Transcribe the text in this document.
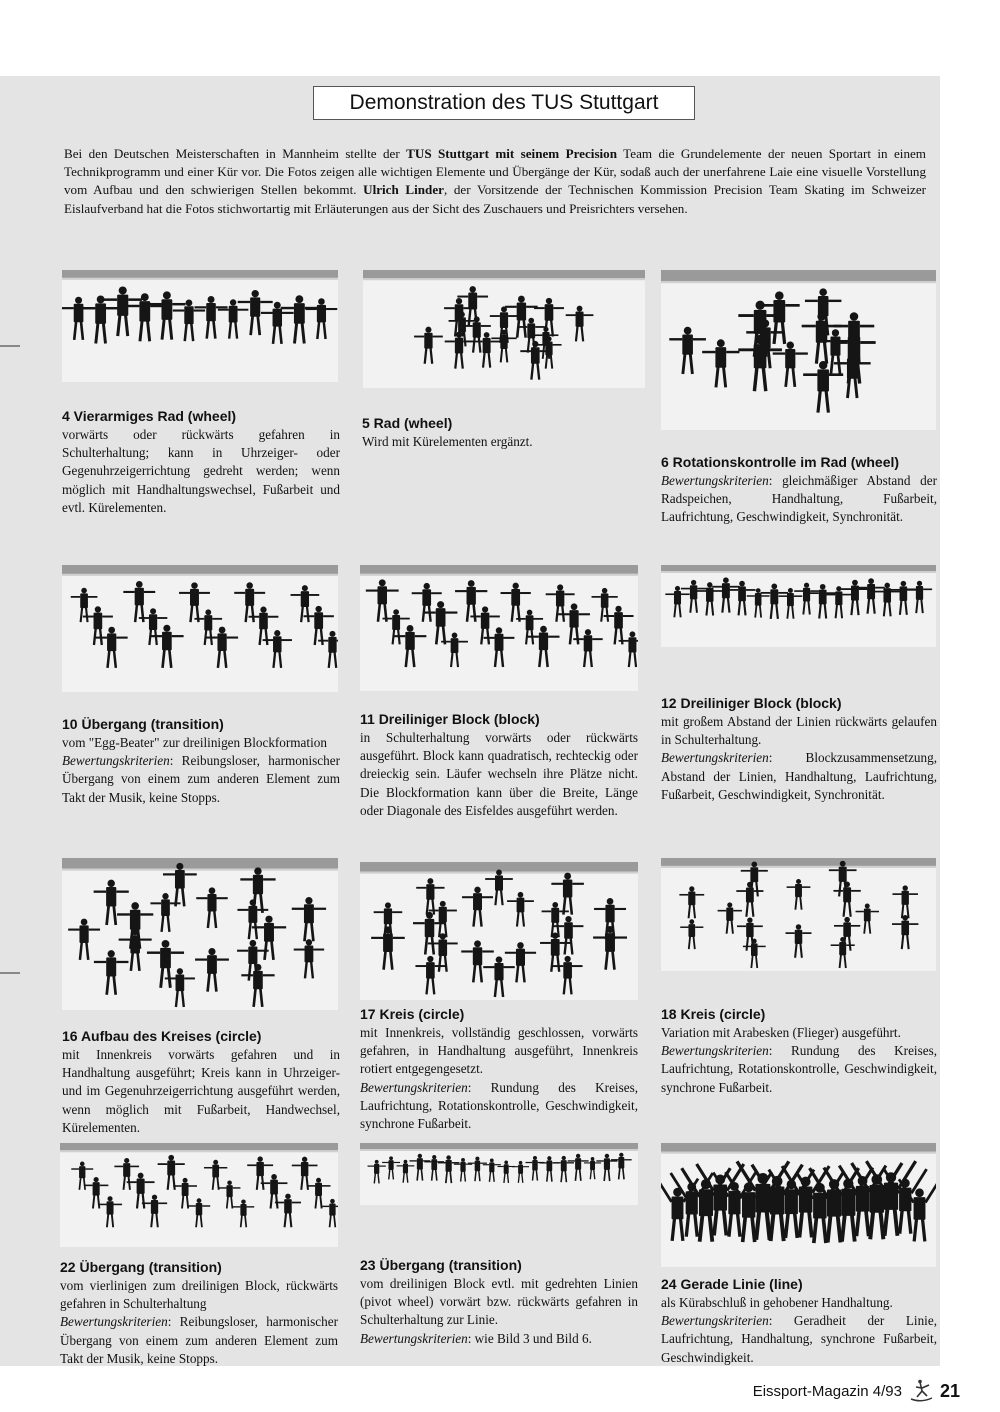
Demonstration des TUS Stuttgart
Bei den Deutschen Meisterschaften in Mannheim stellte der TUS Stuttgart mit seinem Precision Team die Grundelemente der neuen Sportart in einem Technikprogramm und einer Kür vor. Die Fotos zeigen alle wichtigen Elemente und Übergänge der Kür, sodaß auch der unerfahrene Laie eine visuelle Vorstellung vom Aufbau und den schwierigen Stellen bekommt. Ulrich Linder, der Vorsitzende der Technischen Kommission Precision Team Skating im Schweizer Eislaufverband hat die Fotos stichwortartig mit Erläuterungen aus der Sicht des Zuschauers und Preisrichters versehen.
4 Vierarmiges Rad (wheel)
vorwärts oder rückwärts gefahren in Schulterhaltung; kann in Uhrzeiger- oder Gegenuhrzeigerrichtung gedreht werden; wenn möglich mit Handhaltungswechsel, Fußarbeit und evtl. Kürelementen.
5 Rad (wheel)
Wird mit Kürelementen ergänzt.
6 Rotationskontrolle im Rad (wheel)
Bewertungskriterien: gleichmäßiger Abstand der Radspeichen, Handhaltung, Fußarbeit, Laufrichtung, Geschwindigkeit, Synchronität.
10 Übergang (transition)
vom "Egg-Beater" zur dreilinigen Blockformation
Bewertungskriterien: Reibungsloser, harmonischer Übergang von einem zum anderen Element zum Takt der Musik, keine Stopps.
11 Dreiliniger Block (block)
in Schulterhaltung vorwärts oder rückwärts ausgeführt. Block kann quadratisch, rechteckig oder dreieckig sein. Läufer wechseln ihre Plätze nicht. Die Blockformation kann über die Breite, Länge oder Diagonale des Eisfeldes ausgeführt werden.
12 Dreiliniger Block (block)
mit großem Abstand der Linien rückwärts gelaufen in Schulterhaltung.
Bewertungskriterien: Blockzusammensetzung, Abstand der Linien, Handhaltung, Laufrichtung, Fußarbeit, Geschwindigkeit, Synchronität.
16 Aufbau des Kreises (circle)
mit Innenkreis vorwärts gefahren und in Handhaltung ausgeführt; Kreis kann in Uhrzeiger- und im Gegenuhrzeigerrichtung ausgeführt werden, wenn möglich mit Fußarbeit, Handwechsel, Kürelementen.
17 Kreis (circle)
mit Innenkreis, vollständig geschlossen, vorwärts gefahren, in Handhaltung ausgeführt, Innenkreis rotiert entgegengesetzt.
Bewertungskriterien: Rundung des Kreises, Laufrichtung, Rotationskontrolle, Geschwindigkeit, synchrone Fußarbeit.
18 Kreis (circle)
Variation mit Arabesken (Flieger) ausgeführt.
Bewertungskriterien: Rundung des Kreises, Laufrichtung, Rotationskontrolle, Geschwindigkeit, synchrone Fußarbeit.
22 Übergang (transition)
vom vierlinigen zum dreilinigen Block, rückwärts gefahren in Schulterhaltung
Bewertungskriterien: Reibungsloser, harmonischer Übergang von einem zum anderen Element zum Takt der Musik, keine Stopps.
23 Übergang (transition)
vom dreilinigen Block evtl. mit gedrehten Linien (pivot wheel) vorwärt bzw. rückwärts gefahren in Schulterhaltung zur Linie.
Bewertungskriterien: wie Bild 3 und Bild 6.
24 Gerade Linie (line)
als Kürabschluß in gehobener Handhaltung.
Bewertungskriterien: Geradheit der Linie, Laufrichtung, Handhaltung, synchrone Fußarbeit, Geschwindigkeit.
Eissport-Magazin 4/93 21
